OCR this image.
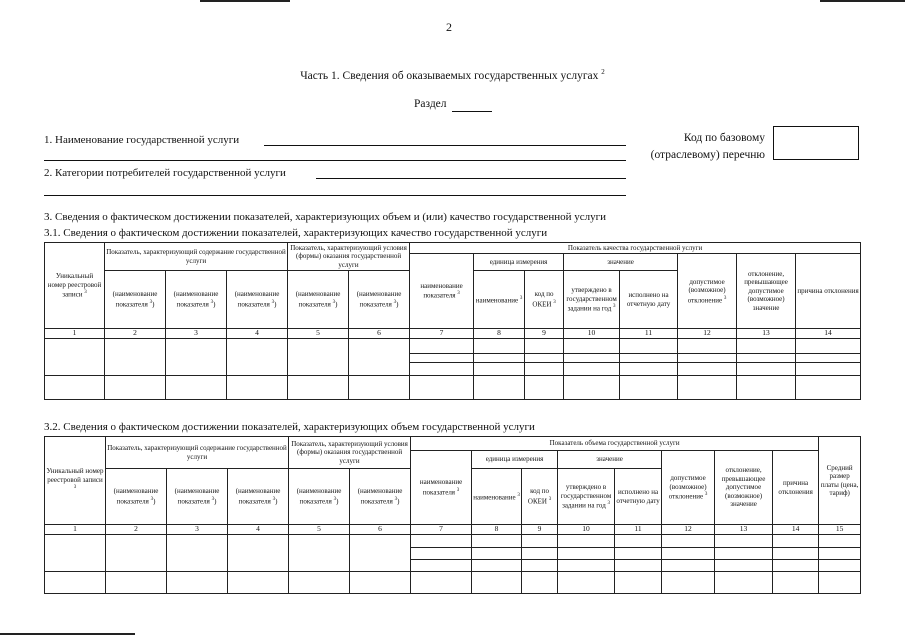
2
Часть 1. Сведения об оказываемых государственных услугах $^2$
Раздел
1. Наименование государственной услуги
2. Категории потребителей государственной услуги
Код по базовому
(отраслевому) перечню
3. Сведения о фактическом достижении показателей, характеризующих объем и (или) качество государственной услуги
3.1. Сведения о фактическом достижении показателей, характеризующих качество государственной услуги
Уникальный номер реестровой записи $^3$	Показатель, характеризующий содержание государственной услуги			Показатель, характеризующий условия (формы) оказания государственной услуги		Показатель качества государственной услуги							
						наименование показателя $^3$	единица измерения		значение		допустимое (возможное) отклонение $^3$	отклонение, превышающее допустимое (возможное) значение	причина отклонения
	(наименование показателя $^3$)	(наименование показателя $^3$)	(наименование показателя $^3$)	(наименование показателя $^3$)	(наименование показателя $^3$)		наименование $^3$	код по ОКЕИ $^3$	утверждено в государственном задании на год $^3$	исполнено на отчетную дату			
1	2	3	4	5	6	7	8	9	10	11	12	13	14

3.2. Сведения о фактическом достижении показателей, характеризующих объем государственной услуги
Уникальный номер реестровой записи $^3$	Показатель, характеризующий содержание государственной услуги			Показатель, характеризующий условия (формы) оказания государственной услуги		Показатель объема государственной услуги								Средний размер платы (цена, тариф)
						наименование показателя $^3$	единица измерения		значение		допустимое (возможное) отклонение $^3$	отклонение, превышающее допустимое (возможное) значение	причина отклонения	
	(наименование показателя $^3$)	(наименование показателя $^3$)	(наименование показателя $^3$)	(наименование показателя $^3$)	(наименование показателя $^3$)		наименование $^3$	код по ОКЕИ $^3$	утверждено в государственном задании на год $^3$	исполнено на отчетную дату				
1	2	3	4	5	6	7	8	9	10	11	12	13	14	15
